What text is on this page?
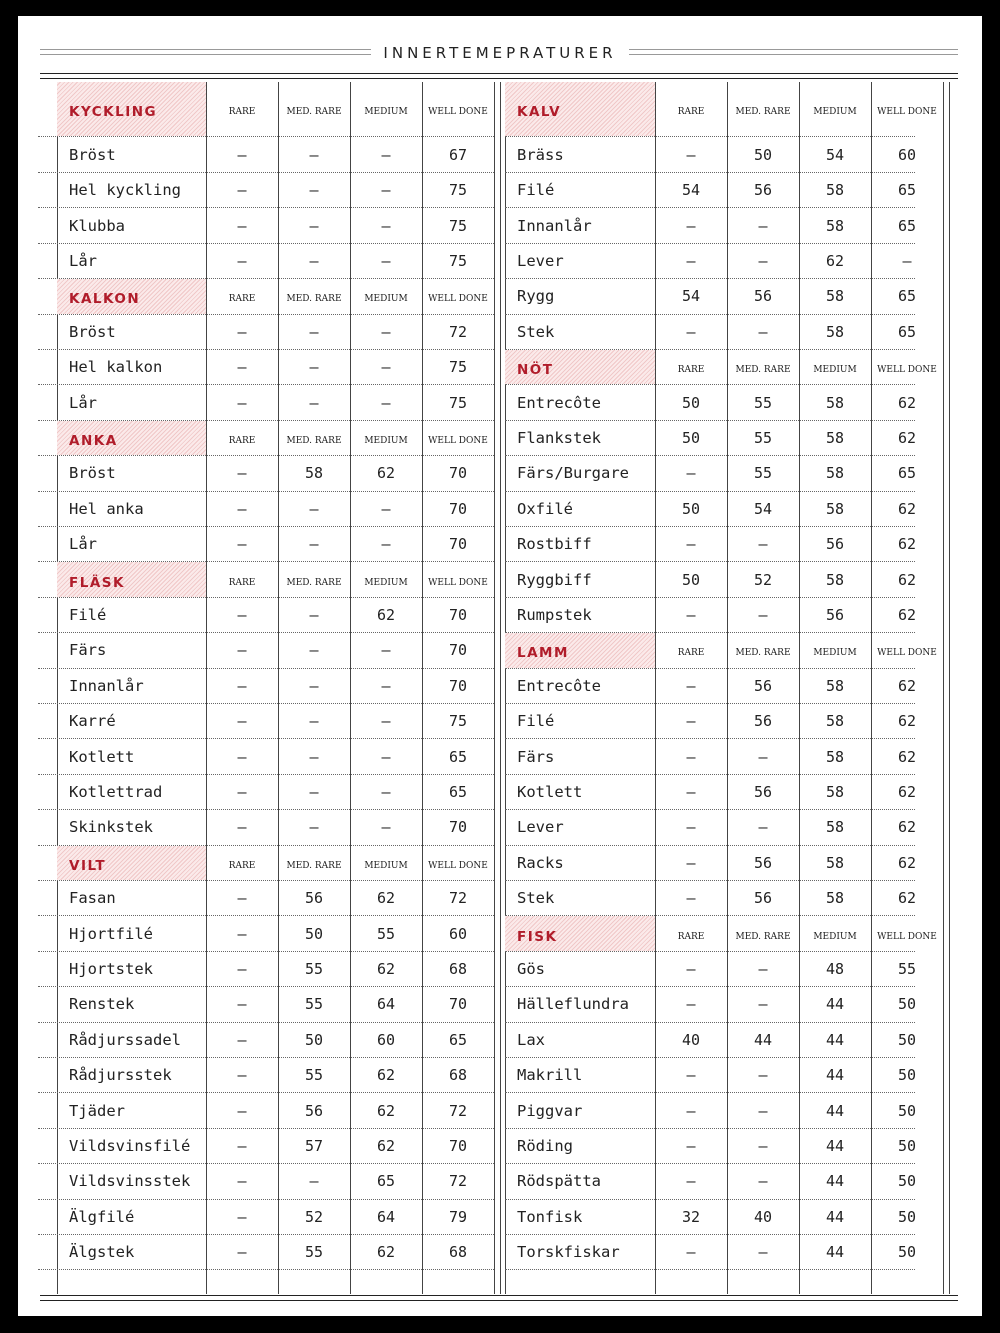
INNERTEMEPRATURER
KYCKLING	RARE	MED. RARE	MEDIUM	WELL DONE
Bröst	–	–	–	67
Hel kyckling	–	–	–	75
Klubba	–	–	–	75
Lår	–	–	–	75
KALKON	RARE	MED. RARE	MEDIUM	WELL DONE
Bröst	–	–	–	72
Hel kalkon	–	–	–	75
Lår	–	–	–	75
ANKA	RARE	MED. RARE	MEDIUM	WELL DONE
Bröst	–	58	62	70
Hel anka	–	–	–	70
Lår	–	–	–	70
FLÄSK	RARE	MED. RARE	MEDIUM	WELL DONE
Filé	–	–	62	70
Färs	–	–	–	70
Innanlår	–	–	–	70
Karré	–	–	–	75
Kotlett	–	–	–	65
Kotlettrad	–	–	–	65
Skinkstek	–	–	–	70
VILT	RARE	MED. RARE	MEDIUM	WELL DONE
Fasan	–	56	62	72
Hjortfilé	–	50	55	60
Hjortstek	–	55	62	68
Renstek	–	55	64	70
Rådjurssadel	–	50	60	65
Rådjursstek	–	55	62	68
Tjäder	–	56	62	72
Vildsvinsfilé	–	57	62	70
Vildsvinsstek	–	–	65	72
Älgfilé	–	52	64	79
Älgstek	–	55	62	68
KALV	RARE	MED. RARE	MEDIUM	WELL DONE
Bräss	–	50	54	60
Filé	54	56	58	65
Innanlår	–	–	58	65
Lever	–	–	62	–
Rygg	54	56	58	65
Stek	–	–	58	65
NÖT	RARE	MED. RARE	MEDIUM	WELL DONE
Entrecôte	50	55	58	62
Flankstek	50	55	58	62
Färs/Burgare	–	55	58	65
Oxfilé	50	54	58	62
Rostbiff	–	–	56	62
Ryggbiff	50	52	58	62
Rumpstek	–	–	56	62
LAMM	RARE	MED. RARE	MEDIUM	WELL DONE
Entrecôte	–	56	58	62
Filé	–	56	58	62
Färs	–	–	58	62
Kotlett	–	56	58	62
Lever	–	–	58	62
Racks	–	56	58	62
Stek	–	56	58	62
FISK	RARE	MED. RARE	MEDIUM	WELL DONE
Gös	–	–	48	55
Hälleflundra	–	–	44	50
Lax	40	44	44	50
Makrill	–	–	44	50
Piggvar	–	–	44	50
Röding	–	–	44	50
Rödspätta	–	–	44	50
Tonfisk	32	40	44	50
Torskfiskar	–	–	44	50
